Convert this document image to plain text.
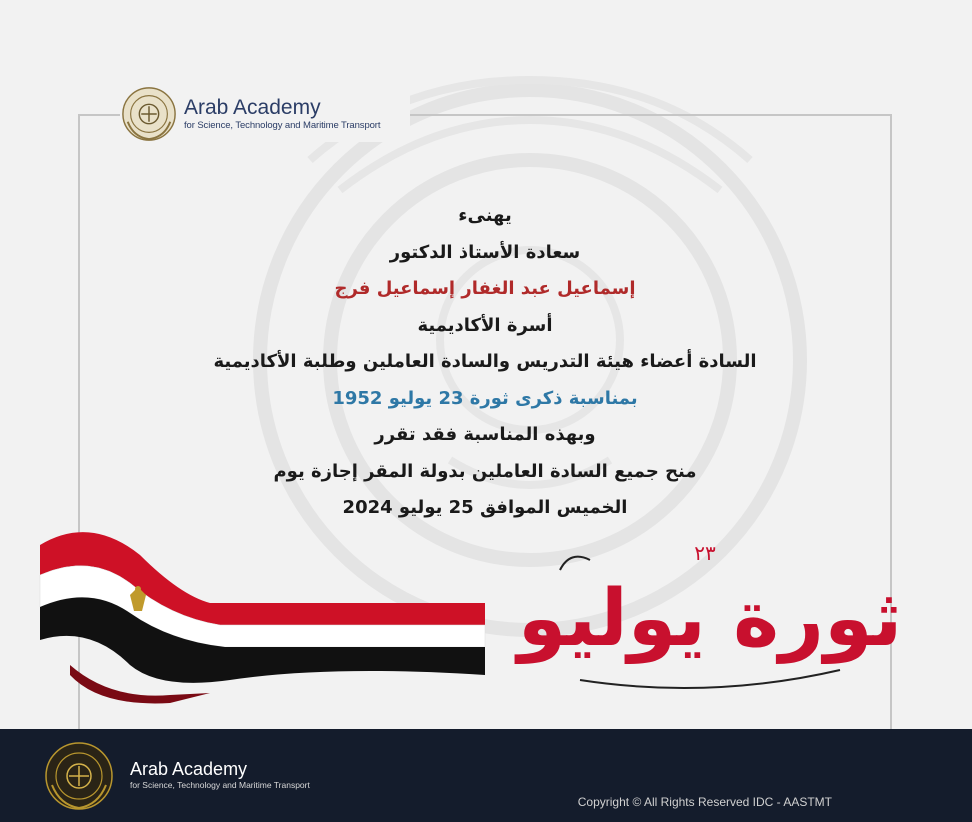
Arab Academy
for Science, Technology and Maritime Transport
يهنىء
سعادة الأستاذ الدكتور
إسماعيل عبد الغفار إسماعيل فرج
أسرة الأكاديمية
السادة أعضاء هيئة التدريس والسادة العاملين وطلبة الأكاديمية
بمناسبة ذكرى ثورة 23 يوليو 1952
وبهذه المناسبة فقد تقرر
منح جميع السادة العاملين بدولة المقر إجازة يوم
الخميس الموافق 25 يوليو 2024
ثورة يوليو
٢٣
Arab Academy
for Science, Technology and Maritime Transport
Copyright © All Rights Reserved IDC - AASTMT
